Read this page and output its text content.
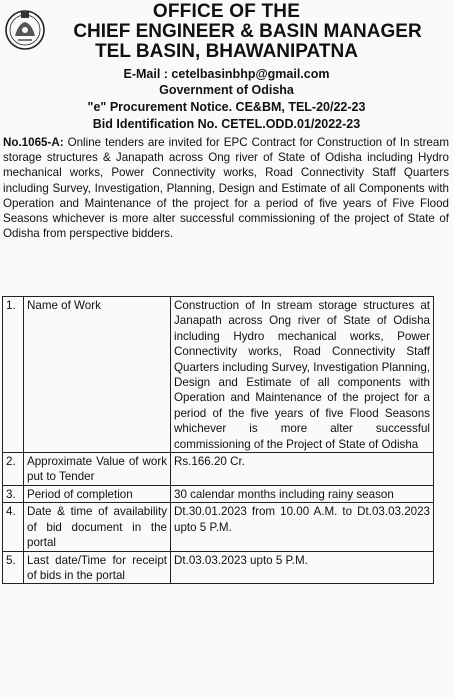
OFFICE OF THE
CHIEF ENGINEER & BASIN MANAGER
TEL BASIN, BHAWANIPATNA
E-Mail : cetelbasinbhp@gmail.com
Government of Odisha
"e" Procurement Notice. CE&BM, TEL-20/22-23
Bid Identification No. CETEL.ODD.01/2022-23
No.1065-A: Online tenders are invited for EPC Contract for Construction of In stream storage structures & Janapath across Ong river of State of Odisha including Hydro mechanical works, Power Connectivity works, Road Connectivity Staff Quarters including Survey, Investigation, Planning, Design and Estimate of all Components with Operation and Maintenance of the project for a period of five years of Five Flood Seasons whichever is more alter successful commissioning of the project of State of Odisha from perspective bidders.
1.	Name of Work	Construction of In stream storage structures at Janapath across Ong river of State of Odisha including Hydro mechanical works, Power Connectivity works, Road Connectivity Staff Quarters including Survey, Investigation Planning, Design and Estimate of all components with Operation and Maintenance of the project for a period of the five years of five Flood Seasons whichever is more alter successful commissioning of the Project of State of Odisha
2.	Approximate Value of work put to Tender	Rs.166.20 Cr.
3.	Period of completion	30 calendar months including rainy season
4.	Date & time of availability of bid document in the portal	Dt.30.01.2023 from 10.00 A.M. to Dt.03.03.2023 upto 5 P.M.
5.	Last date/Time for receipt of bids in the portal	Dt.03.03.2023 upto 5 P.M.
